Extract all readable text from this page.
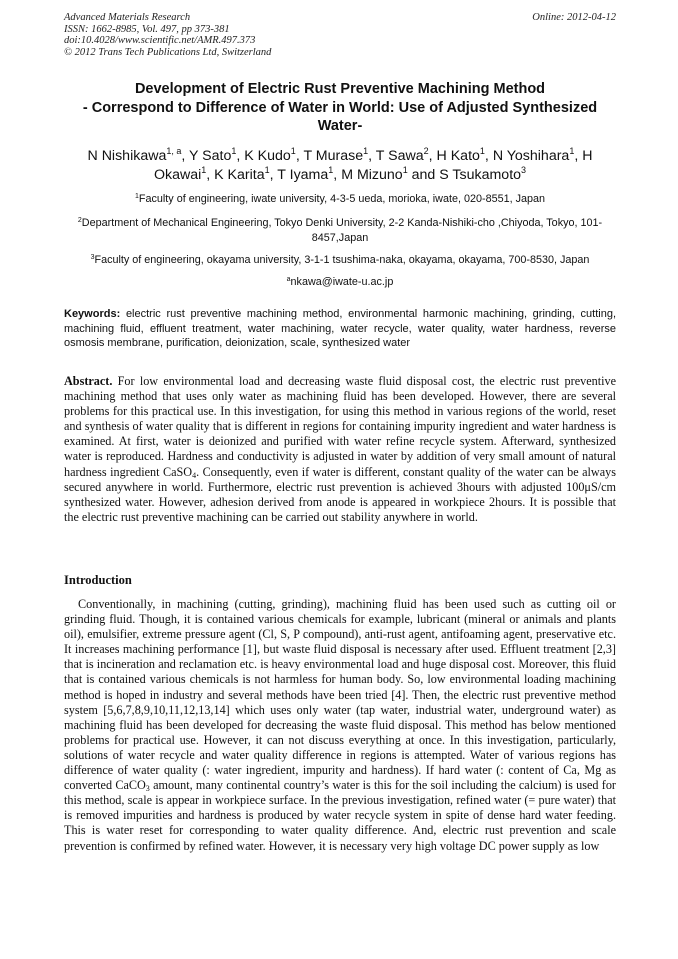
Advanced Materials Research
ISSN: 1662-8985, Vol. 497, pp 373-381
doi:10.4028/www.scientific.net/AMR.497.373
© 2012 Trans Tech Publications Ltd, Switzerland
Online: 2012-04-12
Development of Electric Rust Preventive Machining Method
- Correspond to Difference of Water in World: Use of Adjusted Synthesized
Water-
N Nishikawa$^{1, a}$, Y Sato$^1$, K Kudo$^1$, T Murase$^1$, T Sawa$^2$, H Kato$^1$, N Yoshihara$^1$, H Okawai$^1$, K Karita$^1$, T Iyama$^1$, M Mizuno$^1$ and S Tsukamoto$^3$
$^1$Faculty of engineering, iwate university, 4-3-5 ueda, morioka, iwate, 020-8551, Japan
$^2$Department of Mechanical Engineering, Tokyo Denki University, 2-2 Kanda-Nishiki-cho ,Chiyoda, Tokyo, 101-8457,Japan
$^3$Faculty of engineering, okayama university, 3-1-1 tsushima-naka, okayama, okayama, 700-8530, Japan
$^a$nkawa@iwate-u.ac.jp
Keywords: electric rust preventive machining method, environmental harmonic machining, grinding, cutting, machining fluid, effluent treatment, water machining, water recycle, water quality, water hardness, reverse osmosis membrane, purification, deionization, scale, synthesized water
Abstract. For low environmental load and decreasing waste fluid disposal cost, the electric rust preventive machining method that uses only water as machining fluid has been developed. However, there are several problems for this practical use. In this investigation, for using this method in various regions of the world, reset and synthesis of water quality that is different in regions for containing impurity ingredient and water hardness is examined. At first, water is deionized and purified with water refine recycle system. Afterward, synthesized water is reproduced. Hardness and conductivity is adjusted in water by addition of very small amount of natural hardness ingredient CaSO$_4$. Consequently, even if water is different, constant quality of the water can be always secured anywhere in world. Furthermore, electric rust prevention is achieved 3hours with adjusted 100μS/cm synthesized water. However, adhesion derived from anode is appeared in workpiece 2hours. It is possible that the electric rust preventive machining can be carried out stability anywhere in world.
Introduction
Conventionally, in machining (cutting, grinding), machining fluid has been used such as cutting oil or grinding fluid. Though, it is contained various chemicals for example, lubricant (mineral or animals and plants oil), emulsifier, extreme pressure agent (Cl, S, P compound), anti-rust agent, antifoaming agent, preservative etc. It increases machining performance [1], but waste fluid disposal is necessary after used. Effluent treatment [2,3] that is incineration and reclamation etc. is heavy environmental load and huge disposal cost. Moreover, this fluid that is contained various chemicals is not harmless for human body. So, low environmental loading machining method is hoped in industry and several methods have been tried [4]. Then, the electric rust preventive method system [5,6,7,8,9,10,11,12,13,14] which uses only water (tap water, industrial water, underground water) as machining fluid has been developed for decreasing the waste fluid disposal. This method has below mentioned problems for practical use. However, it can not discuss everything at once. In this investigation, particularly, solutions of water recycle and water quality difference in regions is attempted. Water of various regions has difference of water quality (: water ingredient, impurity and hardness). If hard water (: content of Ca, Mg as converted CaCO$_3$ amount, many continental country’s water is this for the soil including the calcium) is used for this method, scale is appear in workpiece surface. In the previous investigation, refined water (= pure water) that is removed impurities and hardness is produced by water recycle system in spite of dense hard water feeding. This is water reset for corresponding to water quality difference. And, electric rust prevention and scale prevention is confirmed by refined water. However, it is necessary very high voltage DC power supply as low
